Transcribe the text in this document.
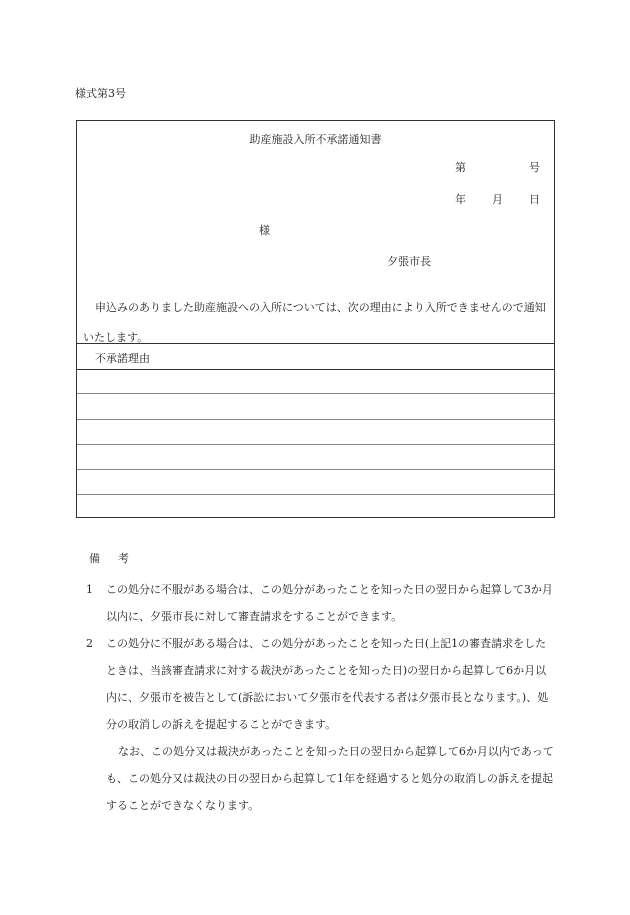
様式第3号
助産施設入所不承諾通知書
第	号
年 月 日
様
夕張市長
申込みのありました助産施設への入所については、次の理由により入所できませんので通知いたします。
不承諾理由
備考
1 この処分に不服がある場合は、この処分があったことを知った日の翌日から起算して3か月以内に、夕張市長に対して審査請求をすることができます。
2 この処分に不服がある場合は、この処分があったことを知った日(上記1の審査請求をしたときは、当該審査請求に対する裁決があったことを知った日)の翌日から起算して6か月以内に、夕張市を被告として(訴訟において夕張市を代表する者は夕張市長となります。)、処分の取消しの訴えを提起することができます。
なお、この処分又は裁決があったことを知った日の翌日から起算して6か月以内であっても、この処分又は裁決の日の翌日から起算して1年を経過すると処分の取消しの訴えを提起することができなくなります。
